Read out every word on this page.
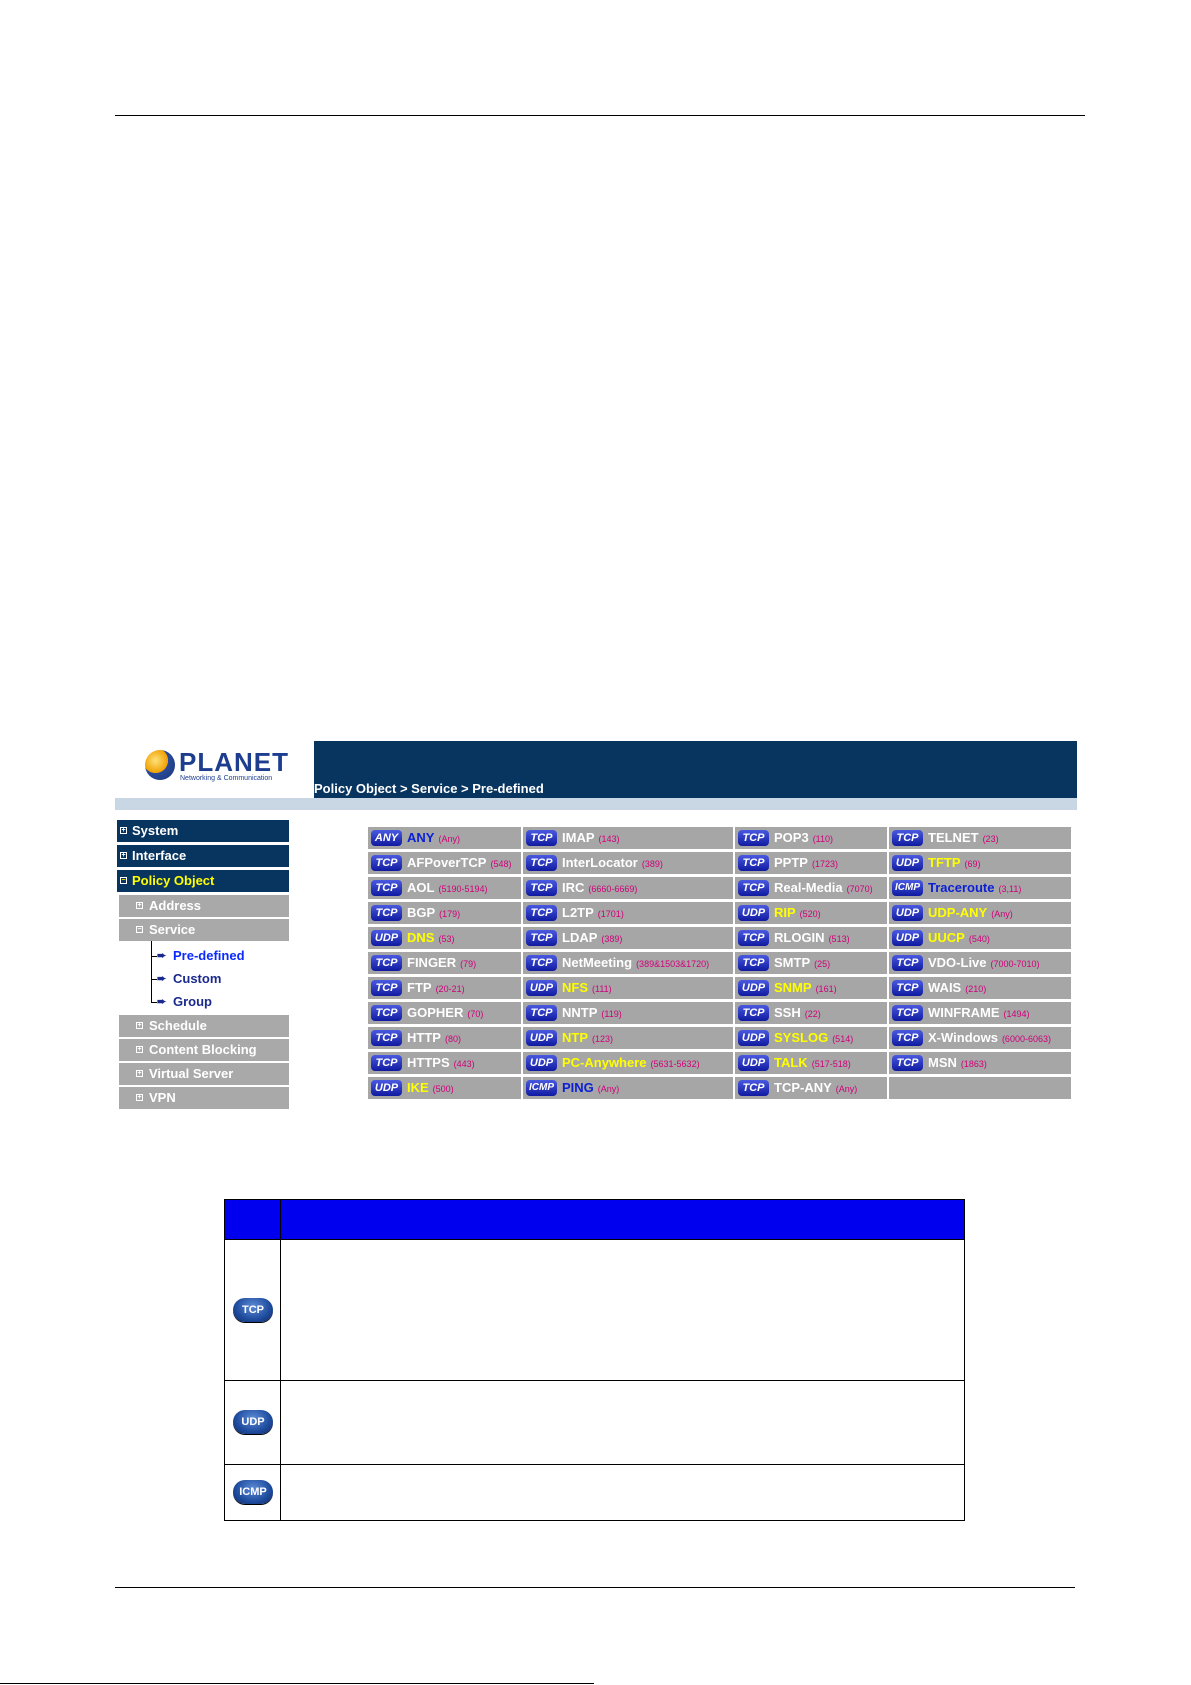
PLANET
Networking & Communication
Policy Object > Service > Pre-defined
+ System
+ Interface
− Policy Object
+ Address
− Service
➨ Pre-defined
➨ Custom
➨ Group
+ Schedule
+ Content Blocking
+ Virtual Server
+ VPN
ANY ANY (Any)
TCP AFPoverTCP (548)
TCP AOL (5190-5194)
TCP BGP (179)
UDP DNS (53)
TCP FINGER (79)
TCP FTP (20-21)
TCP GOPHER (70)
TCP HTTP (80)
TCP HTTPS (443)
UDP IKE (500)
TCP IMAP (143)
TCP InterLocator (389)
TCP IRC (6660-6669)
TCP L2TP (1701)
TCP LDAP (389)
TCP NetMeeting (389&1503&1720)
UDP NFS (111)
TCP NNTP (119)
UDP NTP (123)
UDP PC-Anywhere (5631-5632)
ICMP PING (Any)
TCP POP3 (110)
TCP PPTP (1723)
TCP Real-Media (7070)
UDP RIP (520)
TCP RLOGIN (513)
TCP SMTP (25)
UDP SNMP (161)
TCP SSH (22)
UDP SYSLOG (514)
UDP TALK (517-518)
TCP TCP-ANY (Any)
TCP TELNET (23)
UDP TFTP (69)
ICMP Traceroute (3,11)
UDP UDP-ANY (Any)
UDP UUCP (540)
TCP VDO-Live (7000-7010)
TCP WAIS (210)
TCP WINFRAME (1494)
TCP X-Windows (6000-6063)
TCP MSN (1863)
TCP
UDP
ICMP
